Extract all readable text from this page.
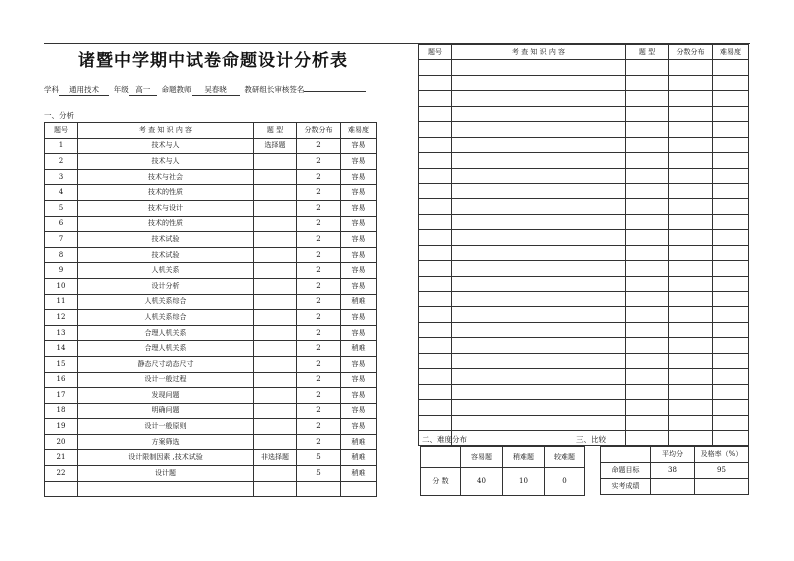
诸暨中学期中试卷命题设计分析表
学科 通用技术 年级 高一 命题教师 吴春晓 教研组长审核签名
一、分析
题号	考 查 知 识 内 容	题 型	分数分布	难易度
1	技术与人	选择题	2	容易
2	技术与人		2	容易
3	技术与社会		2	容易
4	技术的性质		2	容易
5	技术与设计		2	容易
6	技术的性质		2	容易
7	技术试验		2	容易
8	技术试验		2	容易
9	人机关系		2	容易
10	设计分析		2	容易
11	人机关系综合		2	稍难
12	人机关系综合		2	容易
13	合理人机关系		2	容易
14	合理人机关系		2	稍难
15	静态尺寸动态尺寸		2	容易
16	设计一般过程		2	容易
17	发现问题		2	容易
18	明确问题		2	容易
19	设计一般原则		2	容易
20	方案筛选		2	稍难
21	设计限制因素 ,技术试验	非选择题	5	稍难
22	设计题		5	稍难

题号	考 查 知 识 内 容	题 型	分数分布	难易度

二、难度分布	三、比较
	容易题	稍难题	较难题
分 数	40	10	0
	平均分	及格率（%）
命题目标	38	95
实考成绩		
